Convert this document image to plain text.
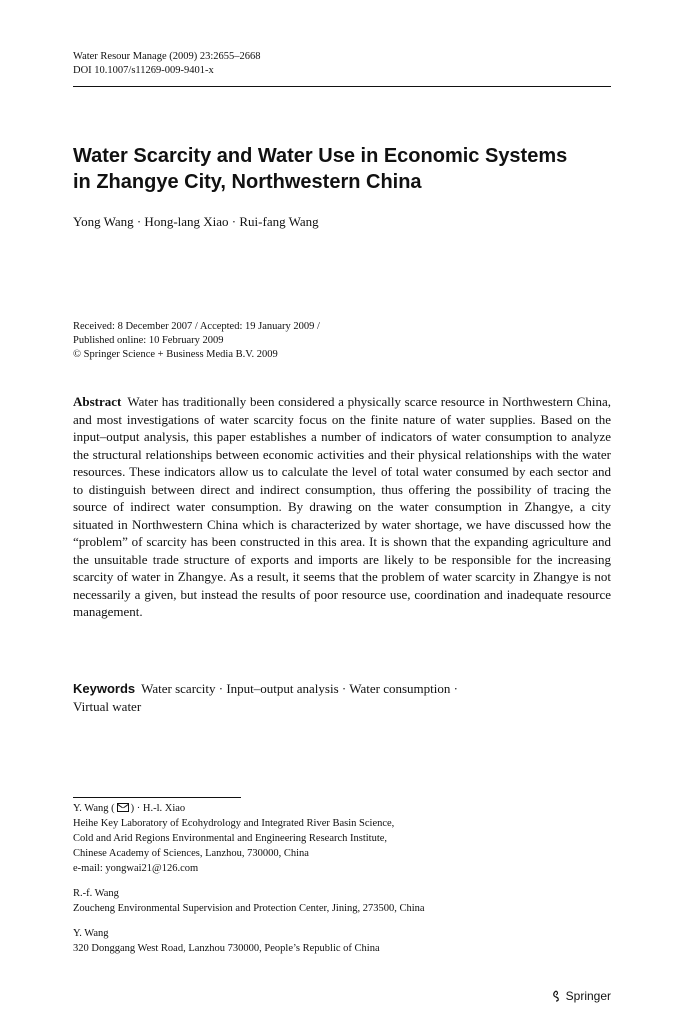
Water Resour Manage (2009) 23:2655–2668
DOI 10.1007/s11269-009-9401-x
Water Scarcity and Water Use in Economic Systems
in Zhangye City, Northwestern China
Yong Wang · Hong-lang Xiao · Rui-fang Wang
Received: 8 December 2007 / Accepted: 19 January 2009 /
Published online: 10 February 2009
© Springer Science + Business Media B.V. 2009
Abstract Water has traditionally been considered a physically scarce resource in Northwestern China, and most investigations of water scarcity focus on the finite nature of water supplies. Based on the input–output analysis, this paper establishes a number of indicators of water consumption to analyze the structural relationships between economic activities and their physical relationships with the water resources. These indicators allow us to calculate the level of total water consumed by each sector and to distinguish between direct and indirect consumption, thus offering the possibility of tracing the source of indirect water consumption. By drawing on the water consumption in Zhangye, a city situated in Northwestern China which is characterized by water shortage, we have discussed how the “problem” of scarcity has been constructed in this area. It is shown that the expanding agriculture and the unsuitable trade structure of exports and imports are likely to be responsible for the increasing scarcity of water in Zhangye. As a result, it seems that the problem of water scarcity in Zhangye is not necessarily a given, but instead the results of poor resource use, coordination and inadequate resource management.
Keywords Water scarcity · Input–output analysis · Water consumption ·
Virtual water
Y. Wang ( ) · H.-l. Xiao
Heihe Key Laboratory of Ecohydrology and Integrated River Basin Science,
Cold and Arid Regions Environmental and Engineering Research Institute,
Chinese Academy of Sciences, Lanzhou, 730000, China
e-mail: yongwai21@126.com
R.-f. Wang
Zoucheng Environmental Supervision and Protection Center, Jining, 273500, China
Y. Wang
320 Donggang West Road, Lanzhou 730000, People’s Republic of China
Springer
